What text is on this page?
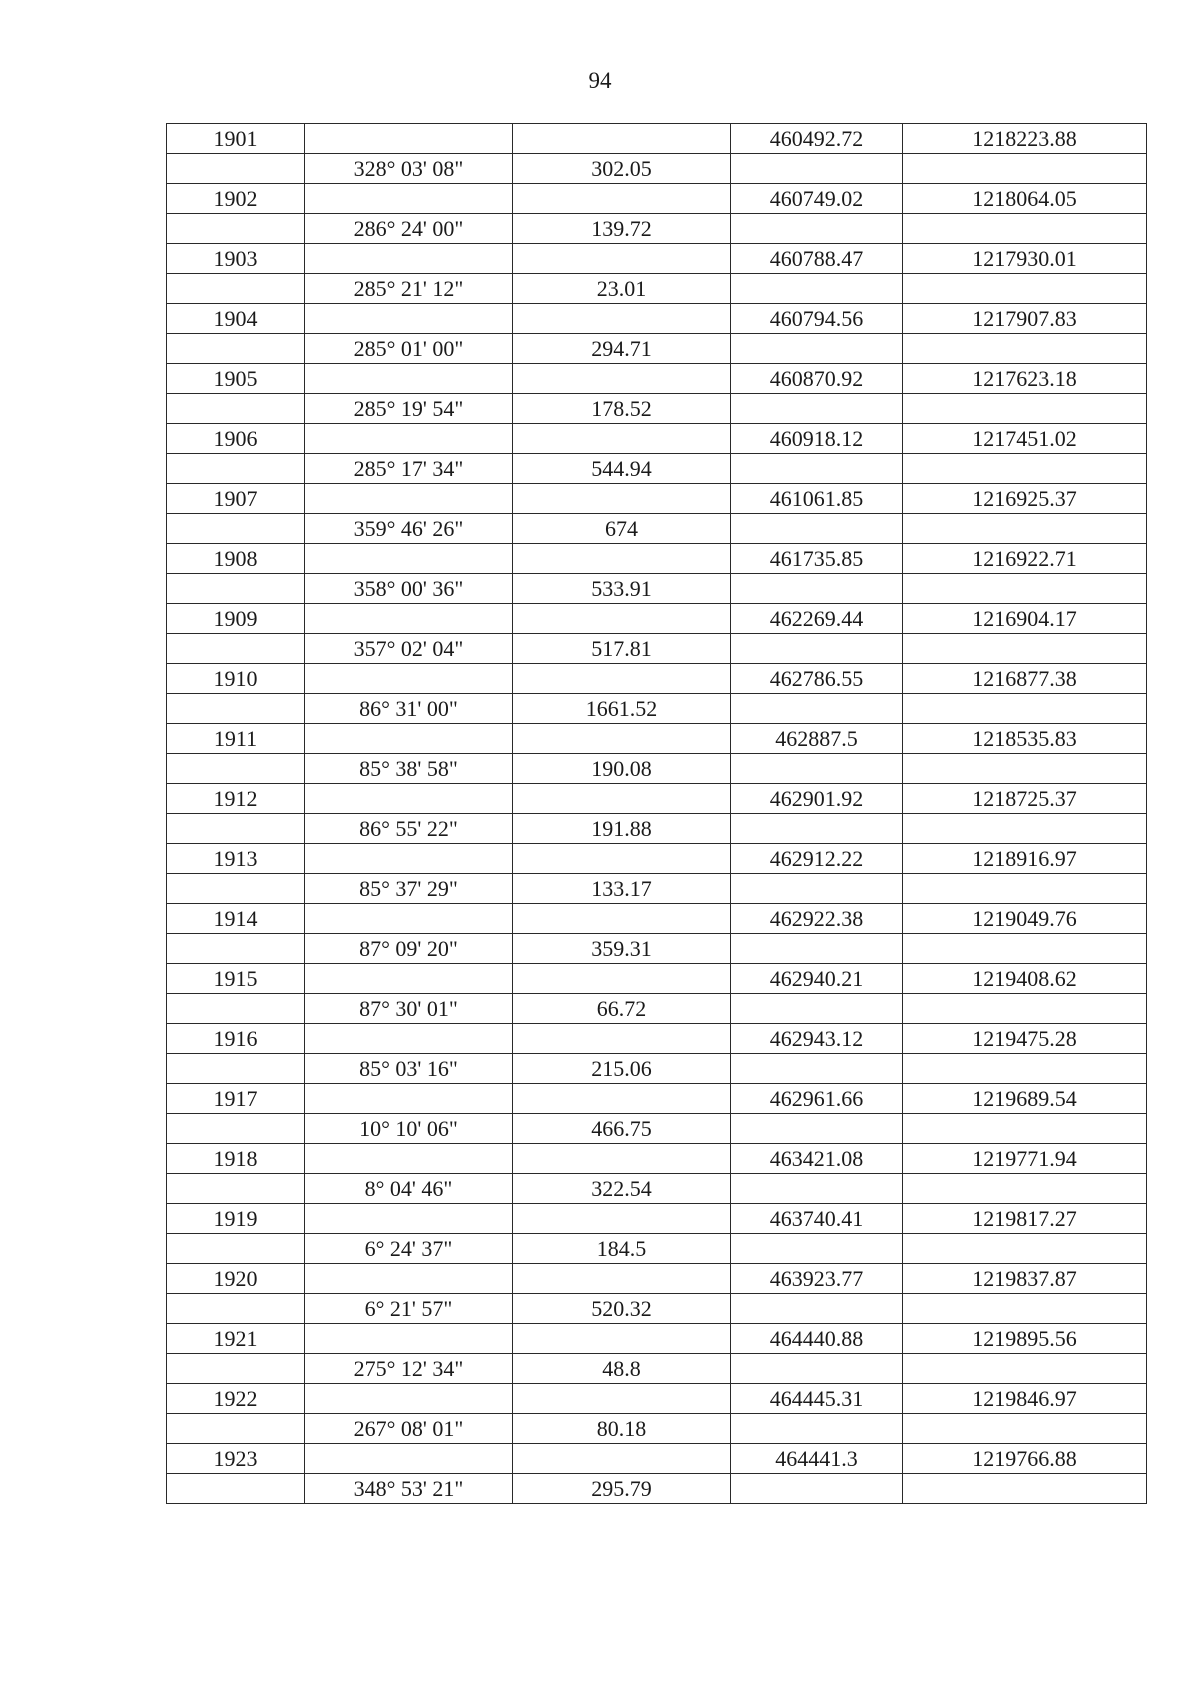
94
1901			460492.72	1218223.88
	328° 03' 08"	302.05		
1902			460749.02	1218064.05
	286° 24' 00"	139.72		
1903			460788.47	1217930.01
	285° 21' 12"	23.01		
1904			460794.56	1217907.83
	285° 01' 00"	294.71		
1905			460870.92	1217623.18
	285° 19' 54"	178.52		
1906			460918.12	1217451.02
	285° 17' 34"	544.94		
1907			461061.85	1216925.37
	359° 46' 26"	674		
1908			461735.85	1216922.71
	358° 00' 36"	533.91		
1909			462269.44	1216904.17
	357° 02' 04"	517.81		
1910			462786.55	1216877.38
	86° 31' 00"	1661.52		
1911			462887.5	1218535.83
	85° 38' 58"	190.08		
1912			462901.92	1218725.37
	86° 55' 22"	191.88		
1913			462912.22	1218916.97
	85° 37' 29"	133.17		
1914			462922.38	1219049.76
	87° 09' 20"	359.31		
1915			462940.21	1219408.62
	87° 30' 01"	66.72		
1916			462943.12	1219475.28
	85° 03' 16"	215.06		
1917			462961.66	1219689.54
	10° 10' 06"	466.75		
1918			463421.08	1219771.94
	8° 04' 46"	322.54		
1919			463740.41	1219817.27
	6° 24' 37"	184.5		
1920			463923.77	1219837.87
	6° 21' 57"	520.32		
1921			464440.88	1219895.56
	275° 12' 34"	48.8		
1922			464445.31	1219846.97
	267° 08' 01"	80.18		
1923			464441.3	1219766.88
	348° 53' 21"	295.79		
